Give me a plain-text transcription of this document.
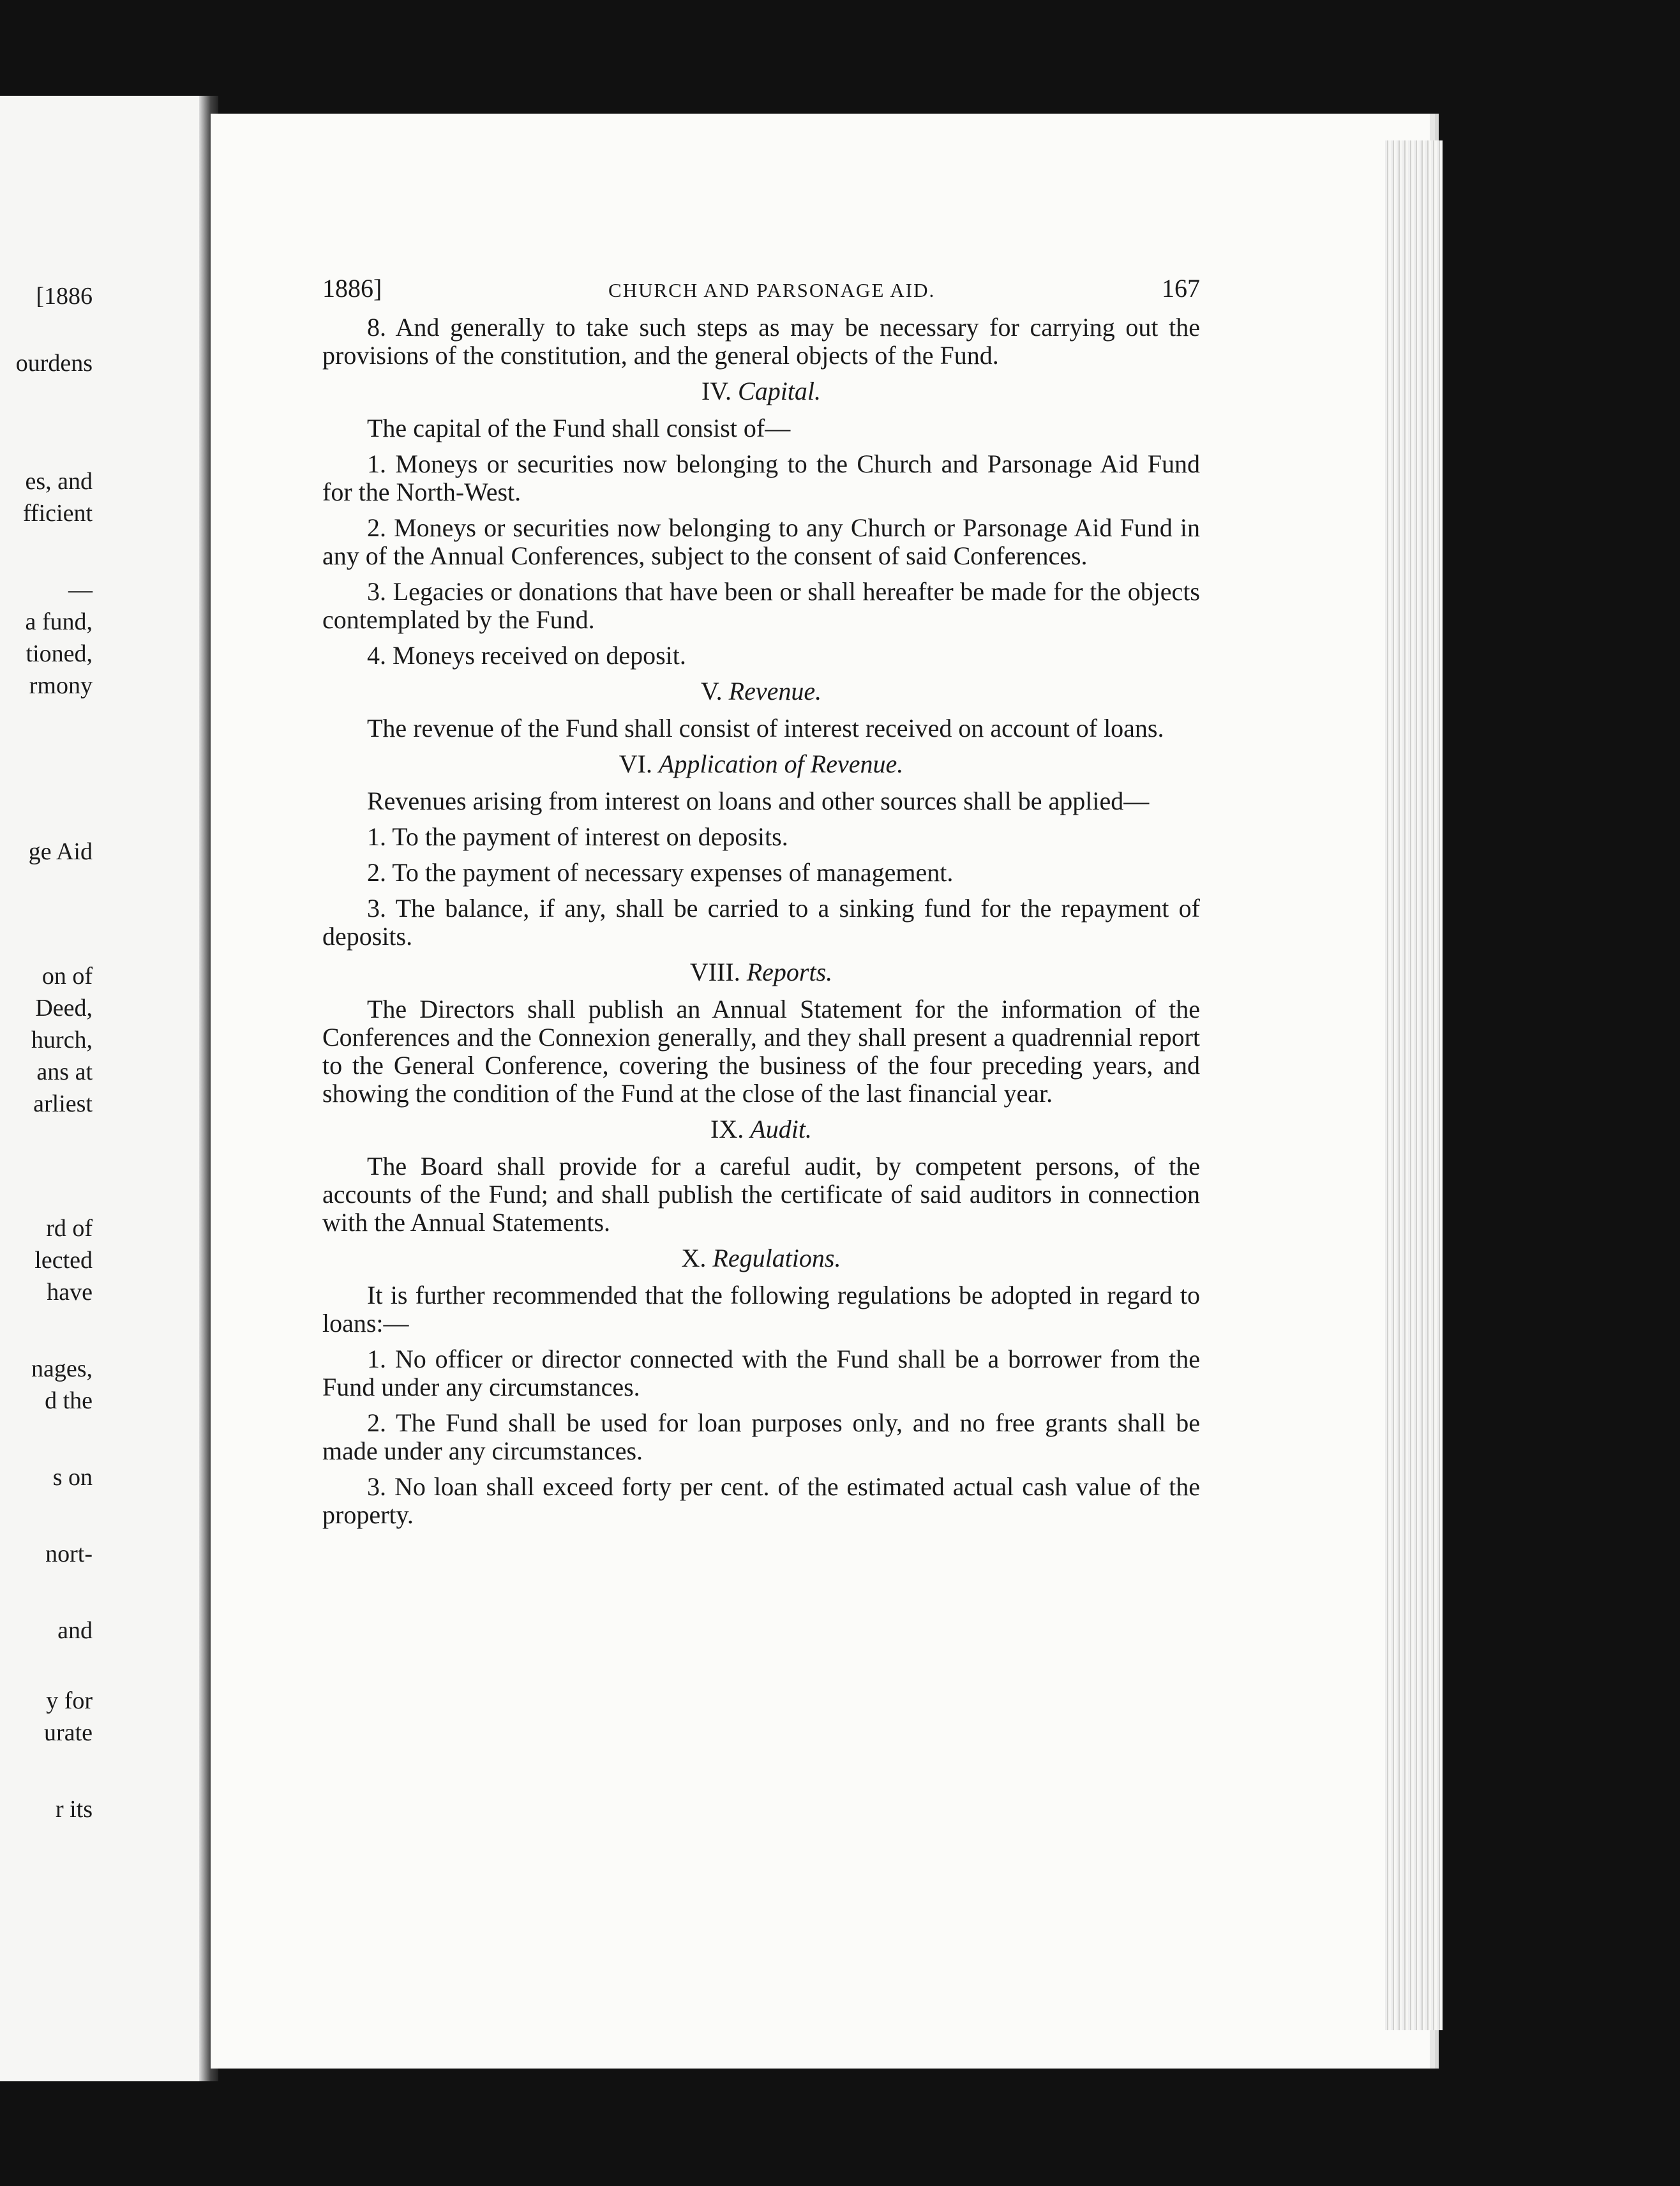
[1886
ourdens
es, and
fficient
—
a fund,
tioned,
rmony
ge Aid
on of
Deed,
hurch,
ans at
arliest
rd of
lected
have
nages,
d the
s on
nort-
and
y for
urate
r its
1886]	CHURCH AND PARSONAGE AID.	167
8. And generally to take such steps as may be necessary for carrying out the provisions of the constitution, and the general objects of the Fund.
IV. Capital.
The capital of the Fund shall consist of—
1. Moneys or securities now belonging to the Church and Parsonage Aid Fund for the North-West.
2. Moneys or securities now belonging to any Church or Parsonage Aid Fund in any of the Annual Conferences, subject to the consent of said Conferences.
3. Legacies or donations that have been or shall hereafter be made for the objects contemplated by the Fund.
4. Moneys received on deposit.
V. Revenue.
The revenue of the Fund shall consist of interest received on account of loans.
VI. Application of Revenue.
Revenues arising from interest on loans and other sources shall be applied—
1. To the payment of interest on deposits.
2. To the payment of necessary expenses of management.
3. The balance, if any, shall be carried to a sinking fund for the repayment of deposits.
VIII. Reports.
The Directors shall publish an Annual Statement for the information of the Conferences and the Connexion generally, and they shall present a quadrennial report to the General Conference, covering the business of the four preceding years, and showing the condition of the Fund at the close of the last financial year.
IX. Audit.
The Board shall provide for a careful audit, by competent persons, of the accounts of the Fund; and shall publish the certificate of said auditors in connection with the Annual Statements.
X. Regulations.
It is further recommended that the following regulations be adopted in regard to loans:—
1. No officer or director connected with the Fund shall be a borrower from the Fund under any circumstances.
2. The Fund shall be used for loan purposes only, and no free grants shall be made under any circumstances.
3. No loan shall exceed forty per cent. of the estimated actual cash value of the property.
